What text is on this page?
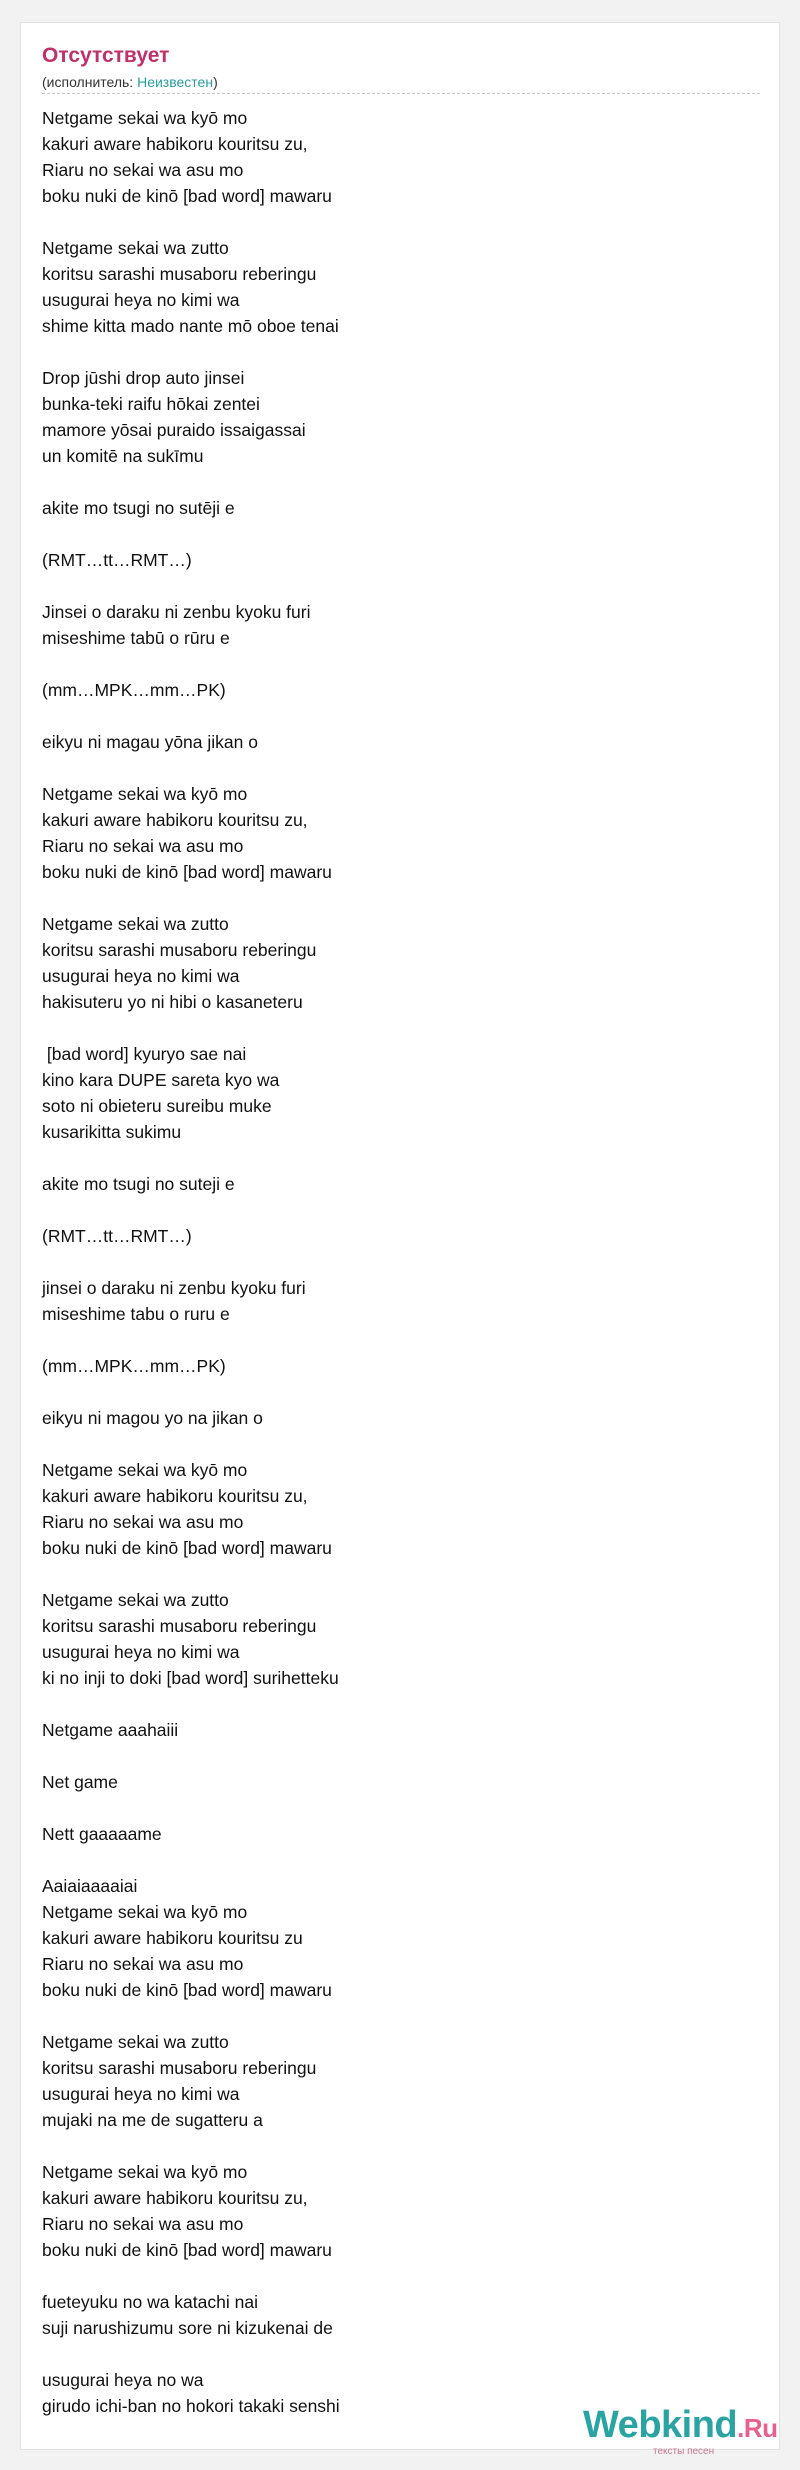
Отсутствует
(исполнитель: Неизвестен)
Netgame sekai wa kyō mo
kakuri aware habikoru kouritsu zu,
Riaru no sekai wa asu mo
boku nuki de kinō [bad word] mawaru
Netgame sekai wa zutto
koritsu sarashi musaboru reberingu
usugurai heya no kimi wa
shime kitta mado nante mō oboe tenai
Drop jūshi drop auto jinsei
bunka-teki raifu hōkai zentei
mamore yōsai puraido issaigassai
un komitē na sukīmu
akite mo tsugi no sutēji e
(RMT…tt…RMT…)
Jinsei o daraku ni zenbu kyoku furi
miseshime tabū o rūru e
(mm…MPK…mm…PK)
eikyu ni magau yōna jikan o
Netgame sekai wa kyō mo
kakuri aware habikoru kouritsu zu,
Riaru no sekai wa asu mo
boku nuki de kinō [bad word] mawaru
Netgame sekai wa zutto
koritsu sarashi musaboru reberingu
usugurai heya no kimi wa
hakisuteru yo ni hibi o kasaneteru
[bad word] kyuryo sae nai
kino kara DUPE sareta kyo wa
soto ni obieteru sureibu muke
kusarikitta sukimu
akite mo tsugi no suteji e
(RMT…tt…RMT…)
jinsei o daraku ni zenbu kyoku furi
miseshime tabu o ruru e
(mm…MPK…mm…PK)
eikyu ni magou yo na jikan o
Netgame sekai wa kyō mo
kakuri aware habikoru kouritsu zu,
Riaru no sekai wa asu mo
boku nuki de kinō [bad word] mawaru
Netgame sekai wa zutto
koritsu sarashi musaboru reberingu
usugurai heya no kimi wa
ki no inji to doki [bad word] surihetteku
Netgame aaahaiii
Net game
Nett gaaaaame
Aaiaiaaaaiai
Netgame sekai wa kyō mo
kakuri aware habikoru kouritsu zu
Riaru no sekai wa asu mo
boku nuki de kinō [bad word] mawaru
Netgame sekai wa zutto
koritsu sarashi musaboru reberingu
usugurai heya no kimi wa
mujaki na me de sugatteru a
Netgame sekai wa kyō mo
kakuri aware habikoru kouritsu zu,
Riaru no sekai wa asu mo
boku nuki de kinō [bad word] mawaru
fueteyuku no wa katachi nai
suji narushizumu sore ni kizukenai de
usugurai heya no wa
girudo ichi-ban no hokori takaki senshi	Webkind.Ru
тексты песен
